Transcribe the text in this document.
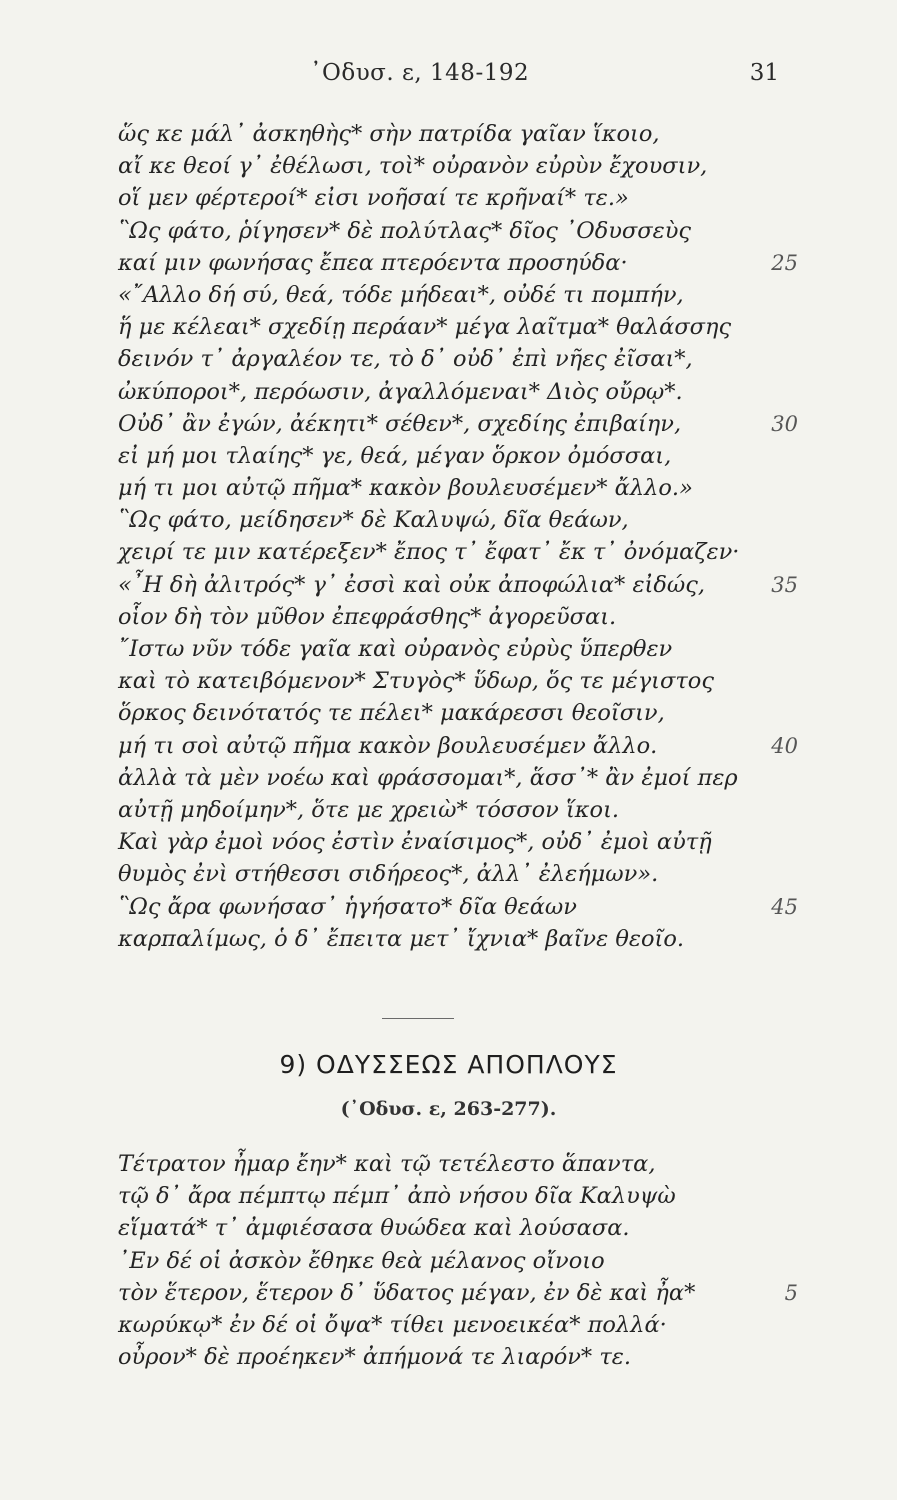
᾿Οδυσ. ε, 148-192	31
ὥς κε μάλ᾽ ἀσκηθὴς* σὴν πατρίδα γαῖαν ἵκοιο,
αἴ κε θεοί γ᾽ ἐθέλωσι, τοὶ* οὐρανὸν εὐρὺν ἔχουσιν,
οἵ μεν φέρτεροί* εἰσι νοῆσαί τε κρῆναί* τε.»
῝Ως φάτο, ῥίγησεν* δὲ πολύτλας* δῖος ᾽Οδυσσεὺς
καί μιν φωνήσας ἔπεα πτερόεντα προσηύδα·	25
«῎Αλλο δή σύ, θεά, τόδε μήδεαι*, οὐδέ τι πομπήν,
ἥ με κέλεαι* σχεδίῃ περάαν* μέγα λαῖτμα* θαλάσσης
δεινόν τ᾽ ἀργαλέον τε, τὸ δ᾽ οὐδ᾽ ἐπὶ νῆες ἐῖσαι*,
ὠκύποροι*, περόωσιν, ἀγαλλόμεναι* Διὸς οὔρῳ*.
Οὐδ᾽ ἂν ἐγών, ἀέκητι* σέθεν*, σχεδίης ἐπιβαίην,	30
εἰ μή μοι τλαίης* γε, θεά, μέγαν ὅρκον ὀμόσσαι,
μή τι μοι αὐτῷ πῆμα* κακὸν βουλευσέμεν* ἄλλο.»
῝Ως φάτο, μείδησεν* δὲ Καλυψώ, δῖα θεάων,
χειρί τε μιν κατέρεξεν* ἔπος τ᾽ ἔφατ᾽ ἔκ τ᾽ ὀνόμαζεν·
«῏Η δὴ ἀλιτρός* γ᾽ ἐσσὶ καὶ οὐκ ἀποφώλια* εἰδώς,	35
οἷον δὴ τὸν μῦθον ἐπεφράσθης* ἀγορεῦσαι.
῎Ιστω νῦν τόδε γαῖα καὶ οὐρανὸς εὐρὺς ὕπερθεν
καὶ τὸ κατειβόμενον* Στυγὸς* ὕδωρ, ὅς τε μέγιστος
ὅρκος δεινότατός τε πέλει* μακάρεσσι θεοῖσιν,
μή τι σοὶ αὐτῷ πῆμα κακὸν βουλευσέμεν ἄλλο.	40
ἀλλὰ τὰ μὲν νοέω καὶ φράσσομαι*, ἅσσ᾽* ἂν ἐμοί περ
αὐτῇ μηδοίμην*, ὅτε με χρειὼ* τόσσον ἵκοι.
Καὶ γὰρ ἐμοὶ νόος ἐστὶν ἐναίσιμος*, οὐδ᾽ ἐμοὶ αὐτῇ
θυμὸς ἐνὶ στήθεσσι σιδήρεος*, ἀλλ᾽ ἐλεήμων».
῝Ως ἄρα φωνήσασ᾽ ἡγήσατο* δῖα θεάων	45
καρπαλίμως, ὁ δ᾽ ἔπειτα μετ᾽ ἴχνια* βαῖνε θεοῖο.
9) ΟΔΥΣΣΕΩΣ ΑΠΟΠΛΟΥΣ
(᾿Οδυσ. ε, 263-277).
Τέτρατον ἦμαρ ἔην* καὶ τῷ τετέλεστο ἅπαντα,
τῷ δ᾽ ἄρα πέμπτῳ πέμπ᾽ ἀπὸ νήσου δῖα Καλυψὼ
εἵματά* τ᾽ ἀμφιέσασα θυώδεα καὶ λούσασα.
᾽Εν δέ οἱ ἀσκὸν ἔθηκε θεὰ μέλανος οἴνοιο
τὸν ἕτερον, ἕτερον δ᾽ ὕδατος μέγαν, ἐν δὲ καὶ ἦα*	5
κωρύκῳ* ἐν δέ οἱ ὄψα* τίθει μενοεικέα* πολλά·
οὖρον* δὲ προέηκεν* ἀπήμονά τε λιαρόν* τε.
